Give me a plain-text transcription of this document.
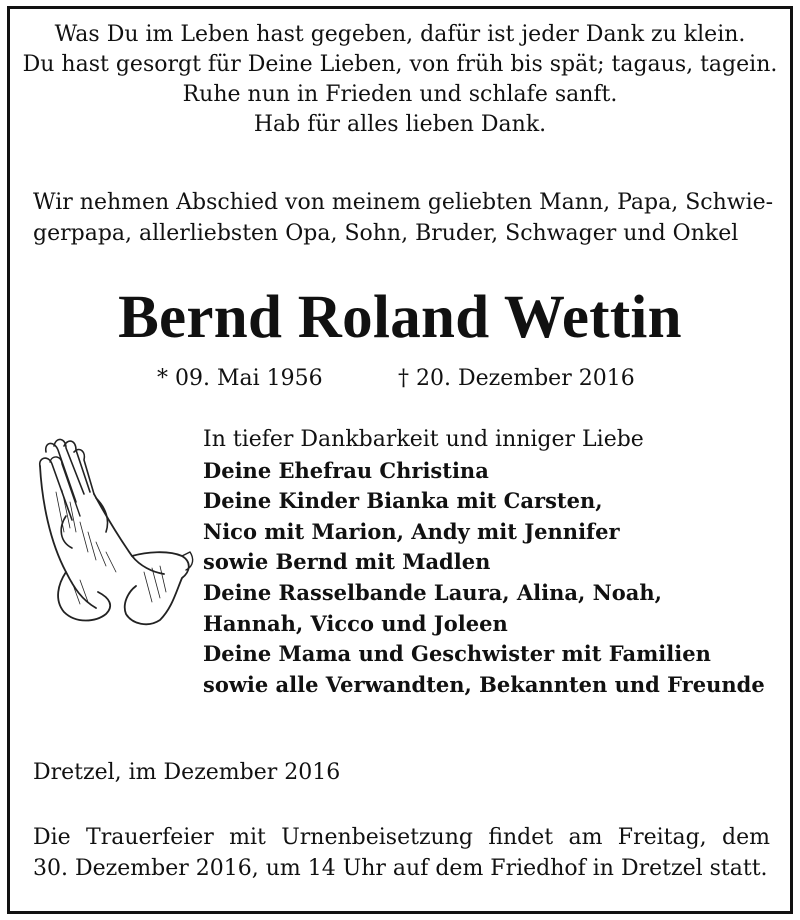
Was Du im Leben hast gegeben, dafür ist jeder Dank zu klein.
Du hast gesorgt für Deine Lieben, von früh bis spät; tagaus, tagein.
Ruhe nun in Frieden und schlafe sanft.
Hab für alles lieben Dank.
Wir nehmen Abschied von meinem geliebten Mann, Papa, Schwie-
gerpapa, allerliebsten Opa, Sohn, Bruder, Schwager und Onkel
Bernd Roland Wettin
* 09. Mai 1956	† 20. Dezember 2016
In tiefer Dankbarkeit und inniger Liebe
Deine Ehefrau Christina
Deine Kinder Bianka mit Carsten,
Nico mit Marion, Andy mit Jennifer
sowie Bernd mit Madlen
Deine Rasselbande Laura, Alina, Noah,
Hannah, Vicco und Joleen
Deine Mama und Geschwister mit Familien
sowie alle Verwandten, Bekannten und Freunde
Dretzel, im Dezember 2016
Die Trauerfeier mit Urnenbeisetzung findet am Freitag, dem
30. Dezember 2016, um 14 Uhr auf dem Friedhof in Dretzel statt.
